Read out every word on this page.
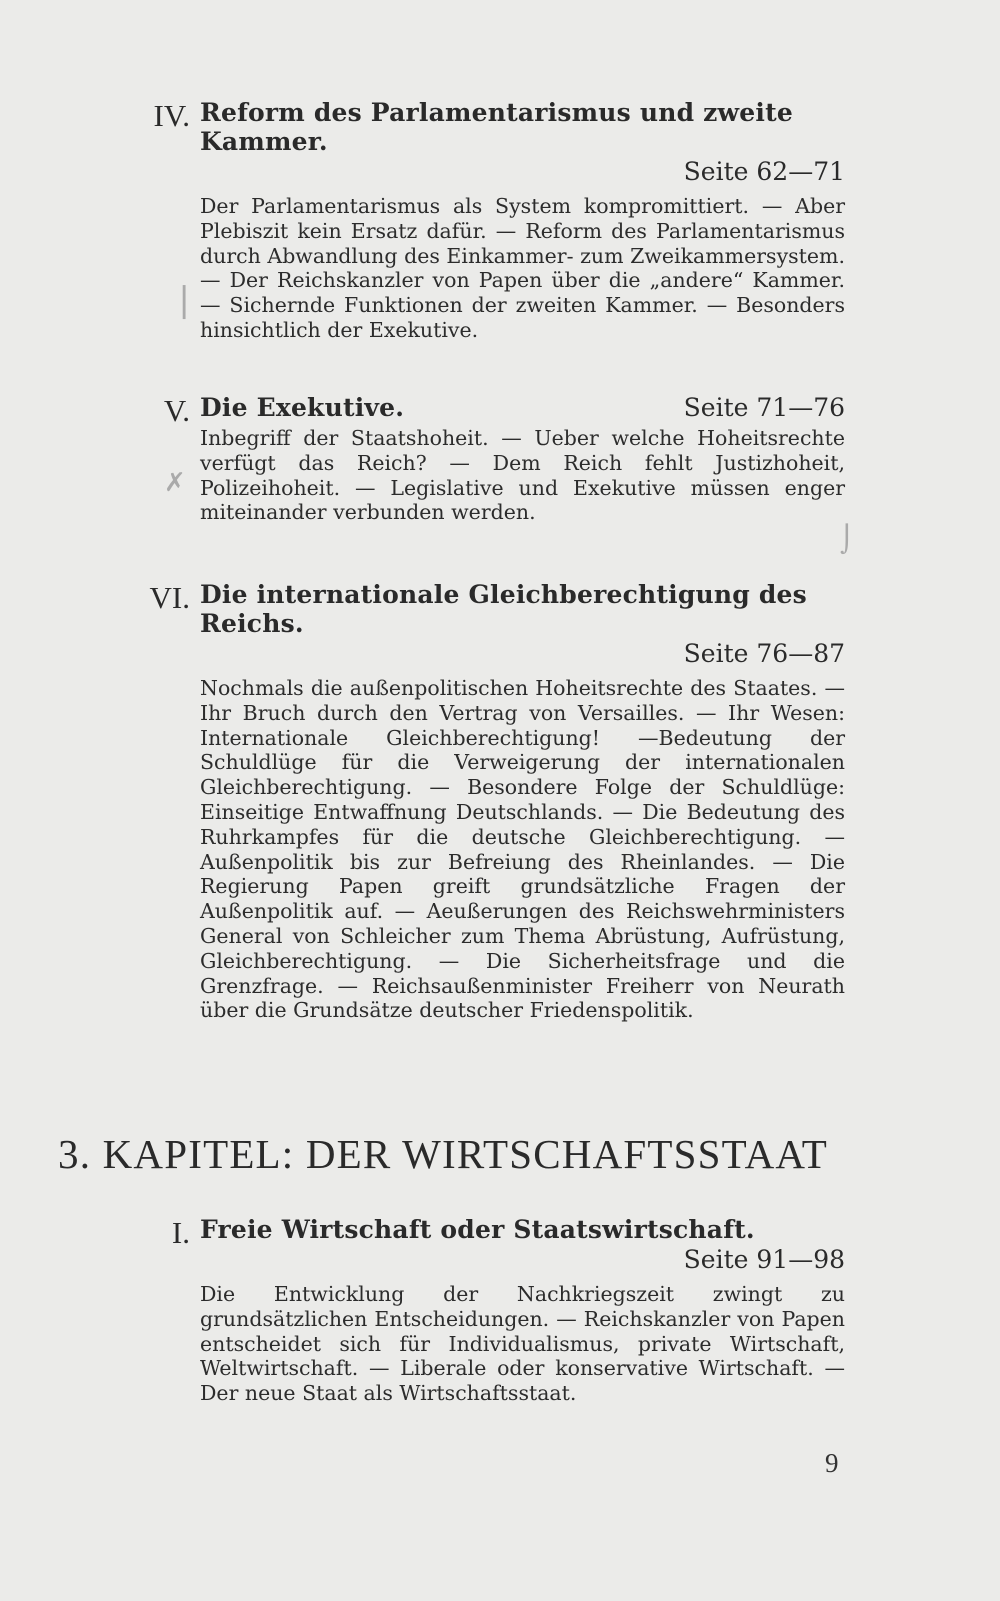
IV. Reform des Parlamentarismus und zweite Kammer.
Seite 62—71
Der Parlamentarismus als System kompromittiert. — Aber Plebiszit kein Ersatz dafür. — Reform des Parlamentarismus durch Abwandlung des Einkammer- zum Zweikammersystem. — Der Reichskanzler von Papen über die „andere“ Kammer. — Sichernde Funktionen der zweiten Kammer. — Besonders hinsichtlich der Exekutive.
V. Die Exekutive.	Seite 71—76
Inbegriff der Staatshoheit. — Ueber welche Hoheitsrechte verfügt das Reich? — Dem Reich fehlt Justizhoheit, Polizeihoheit. — Legislative und Exekutive müssen enger miteinander verbunden werden.
VI. Die internationale Gleichberechtigung des Reichs.
Seite 76—87
Nochmals die außenpolitischen Hoheitsrechte des Staates. — Ihr Bruch durch den Vertrag von Versailles. — Ihr Wesen: Internationale Gleichberechtigung! —Bedeutung der Schuldlüge für die Verweigerung der internationalen Gleichberechtigung. — Besondere Folge der Schuldlüge: Einseitige Entwaffnung Deutschlands. — Die Bedeutung des Ruhrkampfes für die deutsche Gleichberechtigung. — Außenpolitik bis zur Befreiung des Rheinlandes. — Die Regierung Papen greift grundsätzliche Fragen der Außenpolitik auf. — Aeußerungen des Reichswehrministers General von Schleicher zum Thema Abrüstung, Aufrüstung, Gleichberechtigung. — Die Sicherheitsfrage und die Grenzfrage. — Reichsaußenminister Freiherr von Neurath über die Grundsätze deutscher Friedenspolitik.
3. KAPITEL: DER WIRTSCHAFTSSTAAT
I. Freie Wirtschaft oder Staatswirtschaft.
Seite 91—98
Die Entwicklung der Nachkriegszeit zwingt zu grundsätzlichen Entscheidungen. — Reichskanzler von Papen entscheidet sich für Individualismus, private Wirtschaft, Weltwirtschaft. — Liberale oder konservative Wirtschaft. — Der neue Staat als Wirtschaftsstaat.
❘
✗
⌡
9
